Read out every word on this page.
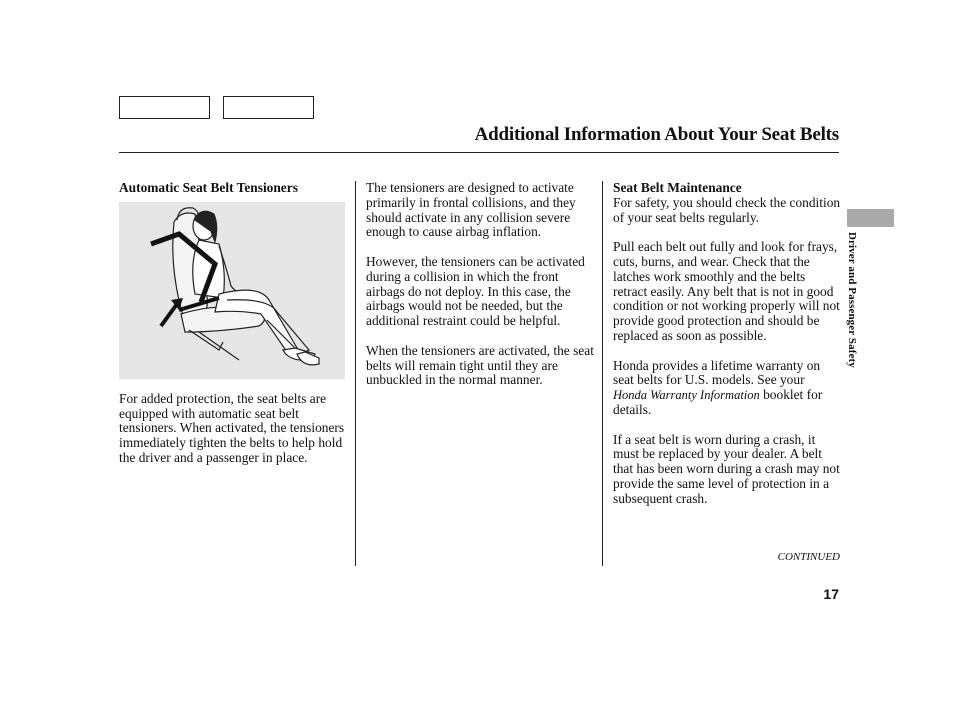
Additional Information About Your Seat Belts
Automatic Seat Belt Tensioners

For added protection, the seat belts are equipped with automatic seat belt tensioners. When activated, the tensioners immediately tighten the belts to help hold the driver and a passenger in place.

The tensioners are designed to activate primarily in frontal collisions, and they should activate in any collision severe enough to cause airbag inflation.

However, the tensioners can be activated during a collision in which the front airbags do not deploy. In this case, the airbags would not be needed, but the additional restraint could be helpful.

When the tensioners are activated, the seat belts will remain tight until they are unbuckled in the normal manner.

Seat Belt Maintenance

For safety, you should check the condition of your seat belts regularly.

Pull each belt out fully and look for frays, cuts, burns, and wear. Check that the latches work smoothly and the belts retract easily. Any belt that is not in good condition or not working properly will not provide good protection and should be replaced as soon as possible.

Honda provides a lifetime warranty on seat belts for U.S. models. See your Honda Warranty Information booklet for details.

If a seat belt is worn during a crash, it must be replaced by your dealer. A belt that has been worn during a crash may not provide the same level of protection in a subsequent crash.

Driver and Passenger Safety
CONTINUED
17
